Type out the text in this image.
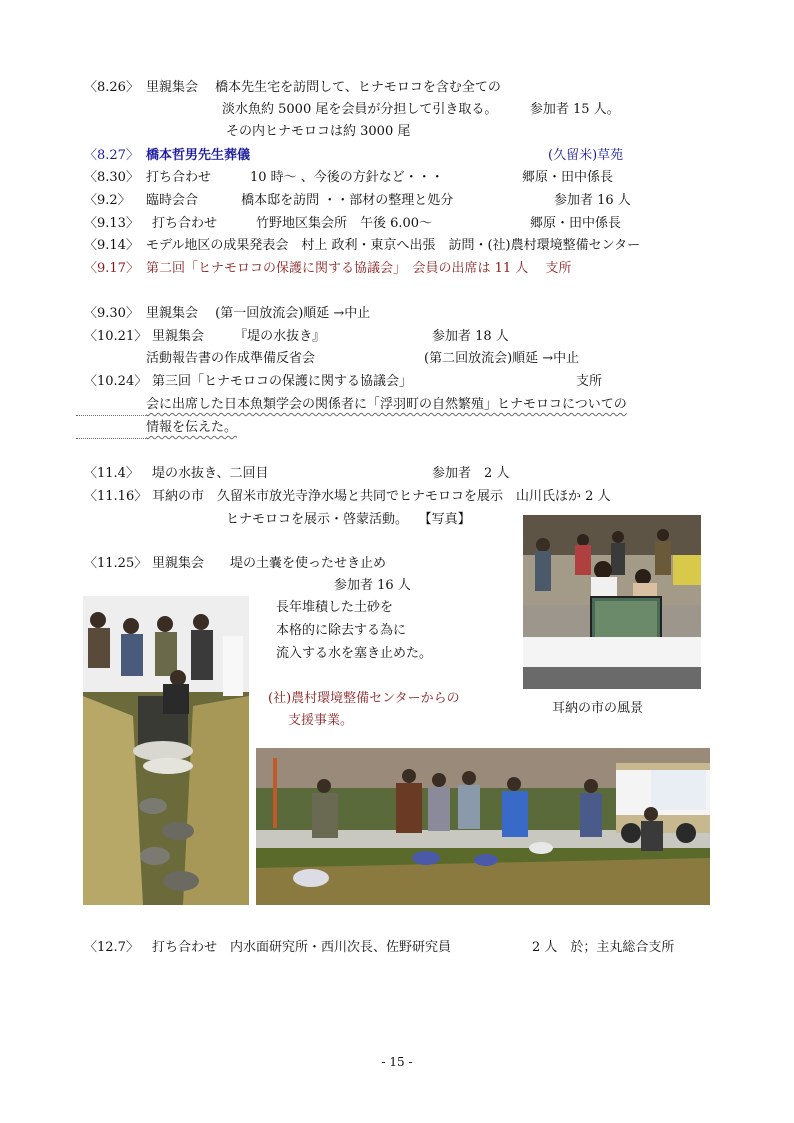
〈8.26〉 里親集会　 橋本先生宅を訪問して、ヒナモロコを含む全ての
淡水魚約 5000 尾を会員が分担して引き取る。　　　参加者 15 人。
その内ヒナモロコは約 3000 尾
〈8.27〉 橋本哲男先生葬儀	(久留米)草苑
〈8.30〉 打ち合わせ　　　10 時～ 、今後の方針など・・・	郷原・田中係長
〈9.2〉 臨時会合　　　 橋本邸を訪問 ・・部材の整理と処分	参加者 16 人
〈9.13〉 打ち合わせ　　　竹野地区集会所　午後 6.00～	郷原・田中係長
〈9.14〉 モデル地区の成果発表会　村上 政利・東京へ出張　訪問・(社)農村環境整備センター
〈9.17〉 第二回「ヒナモロコの保護に関する協議会」　会員の出席は 11 人　 支所
〈9.30〉 里親集会　 (第一回放流会)順延 →中止
〈10.21〉 里親集会　　 『堤の水抜き』	参加者 18 人
活動報告書の作成準備反省会	(第二回放流会)順延 →中止
〈10.24〉 第三回「ヒナモロコの保護に関する協議会」	支所
会に出席した日本魚類学会の関係者に「浮羽町の自然繁殖」ヒナモロコについての
情報を伝えた。
〈11.4〉 堤の水抜き、二回目	参加者　2 人
〈11.16〉 耳納の市　久留米市放光寺浄水場と共同でヒナモロコを展示　山川氏ほか 2 人
ヒナモロコを展示・啓蒙活動。　 【写真】
〈11.25〉 里親集会　　堤の土嚢を使ったせき止め
参加者 16 人
長年堆積した土砂を
本格的に除去する為に
流入する水を塞き止めた。
(社)農村環境整備センターからの
支援事業。
耳納の市の風景
〈12.7〉 打ち合わせ　内水面研究所・西川次長、佐野研究員	2 人　於；主丸総合支所
- 15 -
